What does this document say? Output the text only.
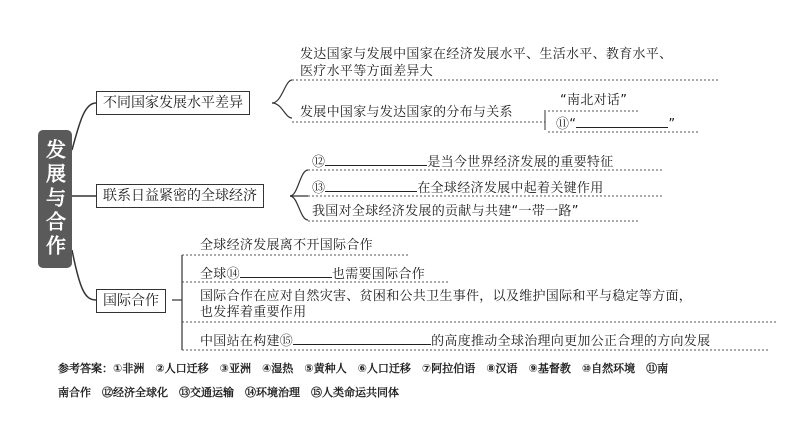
发展与合作
不同国家发展水平差异
联系日益紧密的全球经济
国际合作
发达国家与发展中国家在经济发展水平、生活水平、教育水平、
医疗水平等方面差异大
发展中国家与发达国家的分布与关系
“南北对话”
⑪“	”
⑫	是当今世界经济发展的重要特征
⑬	在全球经济发展中起着关键作用
我国对全球经济发展的贡献与共建“一带一路”
全球经济发展离不开国际合作
全球⑭	也需要国际合作
国际合作在应对自然灾害、贫困和公共卫生事件，以及维护国际和平与稳定等方面，
也发挥着重要作用
中国站在构建⑮	的高度推动全球治理向更加公正合理的方向发展
参考答案：①非洲　②人口迁移　③亚洲　④湿热　⑤黄种人　⑥人口迁移　⑦阿拉伯语　⑧汉语　⑨基督教　⑩自然环境　⑪南
南合作　⑫经济全球化　⑬交通运输　⑭环境治理　⑮人类命运共同体
